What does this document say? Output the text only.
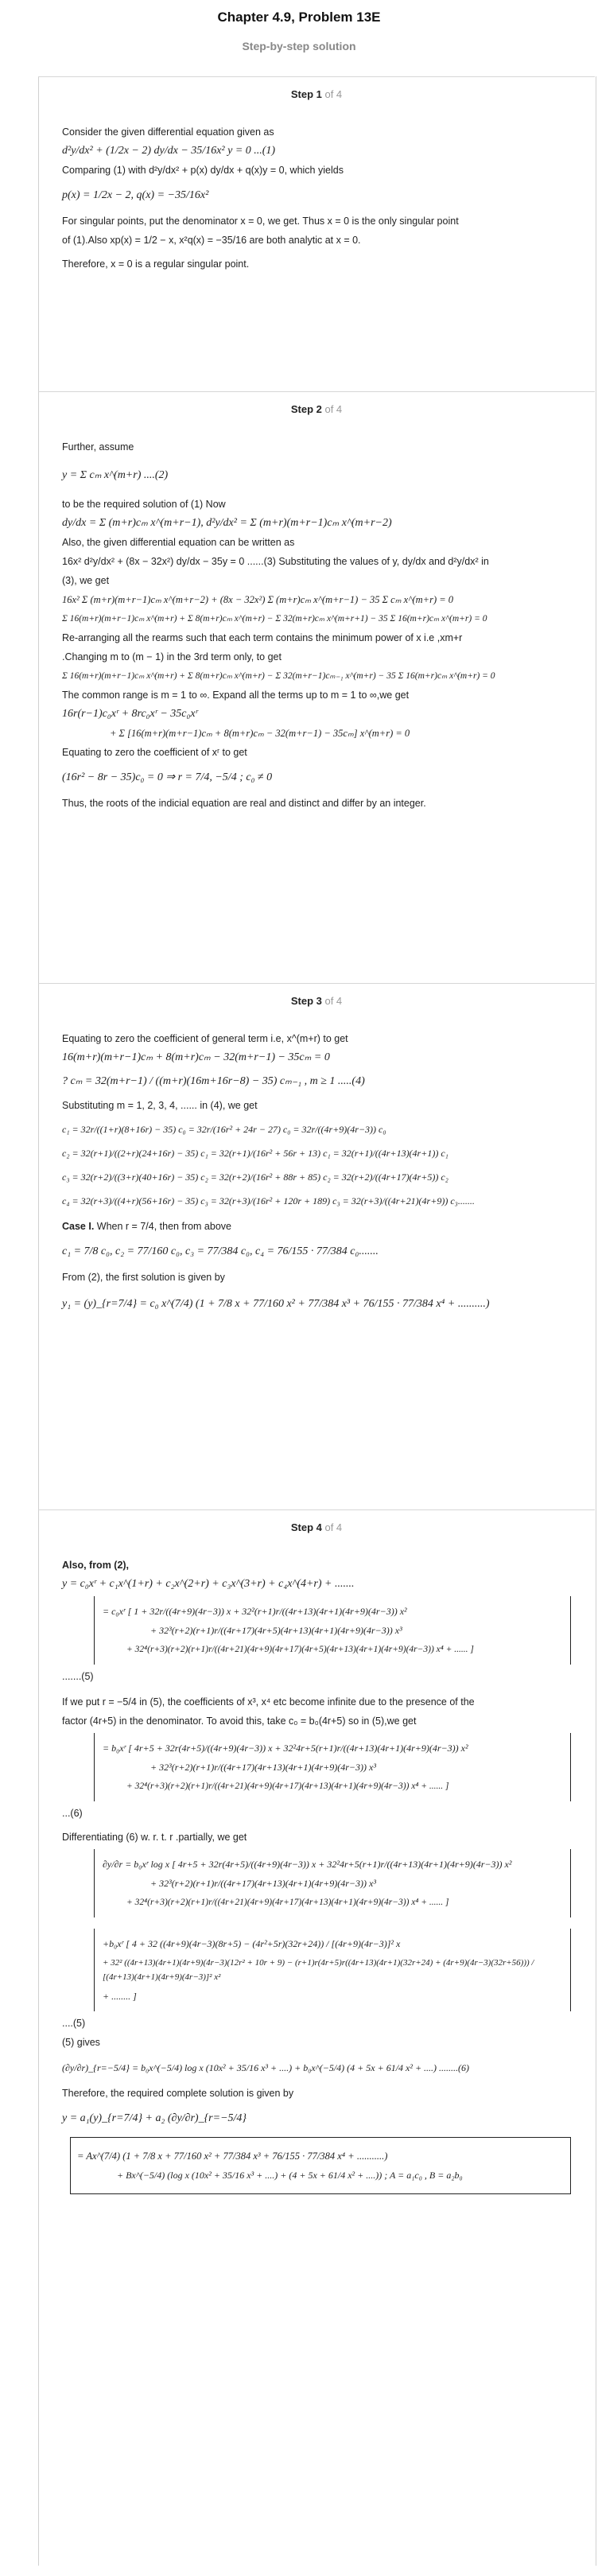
Chapter 4.9, Problem 13E
Step-by-step solution
Step 1 of 4
Consider the given differential equation given as
d²y/dx² + (1/2x − 2) dy/dx − 35/16x² y = 0 ...(1)
Comparing (1) with d²y/dx² + p(x) dy/dx + q(x)y = 0, which yields
p(x) = 1/2x − 2, q(x) = −35/16x²
For singular points, put the denominator x = 0, we get. Thus x = 0 is the only singular point
of (1).Also xp(x) = 1/2 − x, x²q(x) = −35/16 are both analytic at x = 0.
Therefore, x = 0 is a regular singular point.
Step 2 of 4
Further, assume
y = Σ cₘ x^(m+r) ....(2)
to be the required solution of (1) Now
dy/dx = Σ (m+r)cₘ x^(m+r−1), d²y/dx² = Σ (m+r)(m+r−1)cₘ x^(m+r−2)
Also, the given differential equation can be written as
16x² d²y/dx² + (8x − 32x²) dy/dx − 35y = 0 ......(3) Substituting the values of y, dy/dx and d²y/dx² in
(3), we get
16x² Σ (m+r)(m+r−1)cₘ x^(m+r−2) + (8x − 32x²) Σ (m+r)cₘ x^(m+r−1) − 35 Σ cₘ x^(m+r) = 0
Σ 16(m+r)(m+r−1)cₘ x^(m+r) + Σ 8(m+r)cₘ x^(m+r) − Σ 32(m+r)cₘ x^(m+r+1) − 35 Σ 16(m+r)cₘ x^(m+r) = 0
Re-arranging all the rearms such that each term contains the minimum power of x i.e ,xm+r
.Changing m to (m − 1) in the 3rd term only, to get
Σ 16(m+r)(m+r−1)cₘ x^(m+r) + Σ 8(m+r)cₘ x^(m+r) − Σ 32(m+r−1)cₘ₋₁ x^(m+r) − 35 Σ 16(m+r)cₘ x^(m+r) = 0
The common range is m = 1 to ∞. Expand all the terms up to m = 1 to ∞,we get
16r(r−1)c₀xʳ + 8rc₀xʳ − 35c₀xʳ
+ Σ [16(m+r)(m+r−1)cₘ + 8(m+r)cₘ − 32(m+r−1) − 35cₘ] x^(m+r) = 0
Equating to zero the coefficient of xʳ to get
(16r² − 8r − 35)c₀ = 0 ⇒ r = 7/4, −5/4 ; c₀ ≠ 0
Thus, the roots of the indicial equation are real and distinct and differ by an integer.
Step 3 of 4
Equating to zero the coefficient of general term i.e, x^(m+r) to get
16(m+r)(m+r−1)cₘ + 8(m+r)cₘ − 32(m+r−1) − 35cₘ = 0
? cₘ = 32(m+r−1) / ((m+r)(16m+16r−8) − 35) cₘ₋₁ , m ≥ 1 .....(4)
Substituting m = 1, 2, 3, 4, ...... in (4), we get
c₁ = 32r/((1+r)(8+16r) − 35) c₀ = 32r/(16r² + 24r − 27) c₀ = 32r/((4r+9)(4r−3)) c₀
c₂ = 32(r+1)/((2+r)(24+16r) − 35) c₁ = 32(r+1)/(16r² + 56r + 13) c₁ = 32(r+1)/((4r+13)(4r+1)) c₁
c₃ = 32(r+2)/((3+r)(40+16r) − 35) c₂ = 32(r+2)/(16r² + 88r + 85) c₂ = 32(r+2)/((4r+17)(4r+5)) c₂
c₄ = 32(r+3)/((4+r)(56+16r) − 35) c₃ = 32(r+3)/(16r² + 120r + 189) c₃ = 32(r+3)/((4r+21)(4r+9)) c₃.......
Case I. When r = 7/4, then from above
c₁ = 7/8 c₀, c₂ = 77/160 c₀, c₃ = 77/384 c₀, c₄ = 76/155 · 77/384 c₀.......
From (2), the first solution is given by
y₁ = (y)_{r=7/4} = c₀ x^(7/4) (1 + 7/8 x + 77/160 x² + 77/384 x³ + 76/155 · 77/384 x⁴ + ..........)
Step 4 of 4
Also, from (2),
y = c₀xʳ + c₁x^(1+r) + c₂x^(2+r) + c₃x^(3+r) + c₄x^(4+r) + .......
= c₀xʳ [ 1 + 32r/((4r+9)(4r−3)) x + 32²(r+1)r/((4r+13)(4r+1)(4r+9)(4r−3)) x²
+ 32³(r+2)(r+1)r/((4r+17)(4r+5)(4r+13)(4r+1)(4r+9)(4r−3)) x³
+ 32⁴(r+3)(r+2)(r+1)r/((4r+21)(4r+9)(4r+17)(4r+5)(4r+13)(4r+1)(4r+9)(4r−3)) x⁴ + ...... ]
.......(5)
If we put r = −5/4 in (5), the coefficients of x³, x⁴ etc become infinite due to the presence of the
factor (4r+5) in the denominator. To avoid this, take c₀ = b₀(4r+5) so in (5),we get
= b₀xʳ [ 4r+5 + 32r(4r+5)/((4r+9)(4r−3)) x + 32²4r+5(r+1)r/((4r+13)(4r+1)(4r+9)(4r−3)) x²
+ 32³(r+2)(r+1)r/((4r+17)(4r+13)(4r+1)(4r+9)(4r−3)) x³
+ 32⁴(r+3)(r+2)(r+1)r/((4r+21)(4r+9)(4r+17)(4r+13)(4r+1)(4r+9)(4r−3)) x⁴ + ...... ]
...(6)
Differentiating (6) w. r. t. r .partially, we get
∂y/∂r = b₀xʳ log x [ 4r+5 + 32r(4r+5)/((4r+9)(4r−3)) x + 32²4r+5(r+1)r/((4r+13)(4r+1)(4r+9)(4r−3)) x²
+ 32³(r+2)(r+1)r/((4r+17)(4r+13)(4r+1)(4r+9)(4r−3)) x³
+ 32⁴(r+3)(r+2)(r+1)r/((4r+21)(4r+9)(4r+17)(4r+13)(4r+1)(4r+9)(4r−3)) x⁴ + ...... ]
+b₀xʳ [ 4 + 32 ((4r+9)(4r−3)(8r+5) − (4r²+5r)(32r+24)) / [(4r+9)(4r−3)]² x
+ 32² ((4r+13)(4r+1)(4r+9)(4r−3)(12r² + 10r + 9) − (r+1)r(4r+5)r((4r+13)(4r+1)(32r+24) + (4r+9)(4r−3)(32r+56))) / [(4r+13)(4r+1)(4r+9)(4r−3)]² x²
+ ........ ]
....(5)
(5) gives
(∂y/∂r)_{r=−5/4} = b₀x^(−5/4) log x (10x² + 35/16 x³ + ....) + b₀x^(−5/4) (4 + 5x + 61/4 x² + ....) ........(6)
Therefore, the required complete solution is given by
y = a₁(y)_{r=7/4} + a₂ (∂y/∂r)_{r=−5/4}
= Ax^(7/4) (1 + 7/8 x + 77/160 x² + 77/384 x³ + 76/155 · 77/384 x⁴ + ...........)
+ Bx^(−5/4) (log x (10x² + 35/16 x³ + ....) + (4 + 5x + 61/4 x² + ....)) ; A = a₁c₀ , B = a₂b₀
